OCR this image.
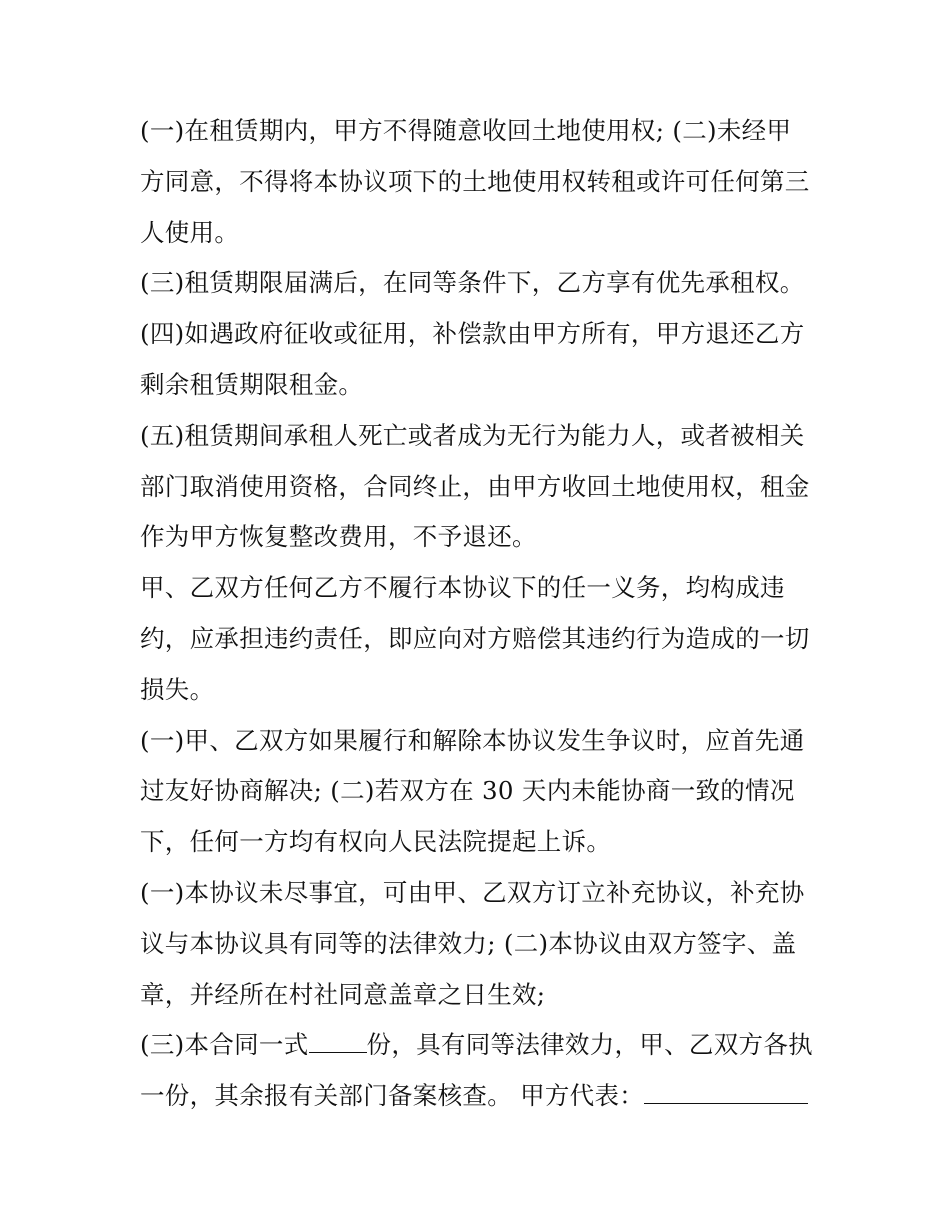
(一)在租赁期内，甲方不得随意收回土地使用权; (二)未经甲
方同意，不得将本协议项下的土地使用权转租或许可任何第三
人使用。
(三)租赁期限届满后，在同等条件下，乙方享有优先承租权。
(四)如遇政府征收或征用，补偿款由甲方所有，甲方退还乙方
剩余租赁期限租金。
(五)租赁期间承租人死亡或者成为无行为能力人，或者被相关
部门取消使用资格，合同终止，由甲方收回土地使用权，租金
作为甲方恢复整改费用，不予退还。
甲、乙双方任何乙方不履行本协议下的任一义务，均构成违
约，应承担违约责任，即应向对方赔偿其违约行为造成的一切
损失。
(一)甲、乙双方如果履行和解除本协议发生争议时，应首先通
过友好协商解决; (二)若双方在 30 天内未能协商一致的情况
下，任何一方均有权向人民法院提起上诉。
(一)本协议未尽事宜，可由甲、乙双方订立补充协议，补充协
议与本协议具有同等的法律效力; (二)本协议由双方签字、盖
章，并经所在村社同意盖章之日生效;
(三)本合同一式 份，具有同等法律效力，甲、乙双方各执
一份，其余报有关部门备案核查。 甲方代表：
